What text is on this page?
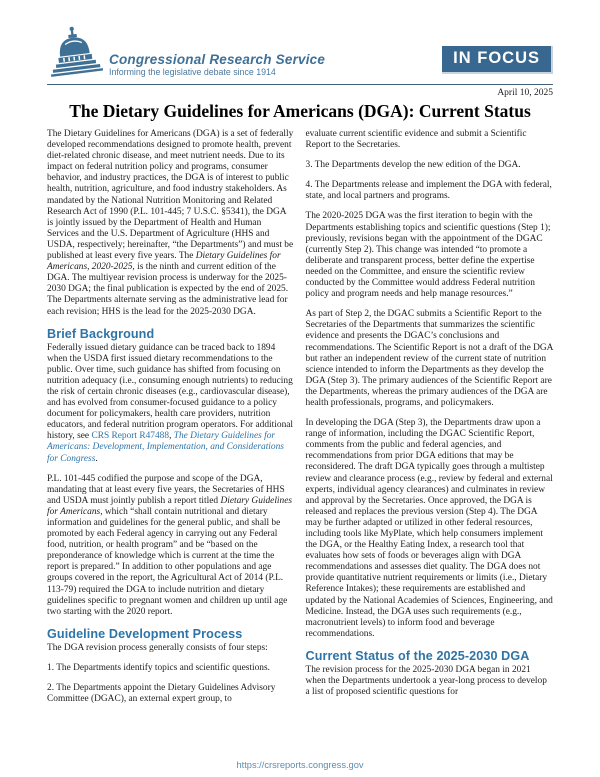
Congressional Research Service
Informing the legislative debate since 1914
IN FOCUS
April 10, 2025
The Dietary Guidelines for Americans (DGA): Current Status

The Dietary Guidelines for Americans (DGA) is a set of federally developed recommendations designed to promote health, prevent diet-related chronic disease, and meet nutrient needs. Due to its impact on federal nutrition policy and programs, consumer behavior, and industry practices, the DGA is of interest to public health, nutrition, agriculture, and food industry stakeholders. As mandated by the National Nutrition Monitoring and Related Research Act of 1990 (P.L. 101-445; 7 U.S.C. §5341), the DGA is jointly issued by the Department of Health and Human Services and the U.S. Department of Agriculture (HHS and USDA, respectively; hereinafter, “the Departments”) and must be published at least every five years. The Dietary Guidelines for Americans, 2020-2025, is the ninth and current edition of the DGA. The multiyear revision process is underway for the 2025-2030 DGA; the final publication is expected by the end of 2025. The Departments alternate serving as the administrative lead for each revision; HHS is the lead for the 2025-2030 DGA.

Brief Background

Federally issued dietary guidance can be traced back to 1894 when the USDA first issued dietary recommendations to the public. Over time, such guidance has shifted from focusing on nutrition adequacy (i.e., consuming enough nutrients) to reducing the risk of certain chronic diseases (e.g., cardiovascular disease), and has evolved from consumer-focused guidance to a policy document for policymakers, health care providers, nutrition educators, and federal nutrition program operators. For additional history, see CRS Report R47488, The Dietary Guidelines for Americans: Development, Implementation, and Considerations for Congress.

P.L. 101-445 codified the purpose and scope of the DGA, mandating that at least every five years, the Secretaries of HHS and USDA must jointly publish a report titled Dietary Guidelines for Americans, which “shall contain nutritional and dietary information and guidelines for the general public, and shall be promoted by each Federal agency in carrying out any Federal food, nutrition, or health program” and be “based on the preponderance of knowledge which is current at the time the report is prepared.” In addition to other populations and age groups covered in the report, the Agricultural Act of 2014 (P.L. 113-79) required the DGA to include nutrition and dietary guidelines specific to pregnant women and children up until age two starting with the 2020 report.

Guideline Development Process

The DGA revision process generally consists of four steps:

1. The Departments identify topics and scientific questions.

2. The Departments appoint the Dietary Guidelines Advisory Committee (DGAC), an external expert group, to

evaluate current scientific evidence and submit a Scientific Report to the Secretaries.

3. The Departments develop the new edition of the DGA.

4. The Departments release and implement the DGA with federal, state, and local partners and programs.

The 2020-2025 DGA was the first iteration to begin with the Departments establishing topics and scientific questions (Step 1); previously, revisions began with the appointment of the DGAC (currently Step 2). This change was intended “to promote a deliberate and transparent process, better define the expertise needed on the Committee, and ensure the scientific review conducted by the Committee would address Federal nutrition policy and program needs and help manage resources.”

As part of Step 2, the DGAC submits a Scientific Report to the Secretaries of the Departments that summarizes the scientific evidence and presents the DGAC’s conclusions and recommendations. The Scientific Report is not a draft of the DGA but rather an independent review of the current state of nutrition science intended to inform the Departments as they develop the DGA (Step 3). The primary audiences of the Scientific Report are the Departments, whereas the primary audiences of the DGA are health professionals, programs, and policymakers.

In developing the DGA (Step 3), the Departments draw upon a range of information, including the DGAC Scientific Report, comments from the public and federal agencies, and recommendations from prior DGA editions that may be reconsidered. The draft DGA typically goes through a multistep review and clearance process (e.g., review by federal and external experts, individual agency clearances) and culminates in review and approval by the Secretaries. Once approved, the DGA is released and replaces the previous version (Step 4). The DGA may be further adapted or utilized in other federal resources, including tools like MyPlate, which help consumers implement the DGA, or the Healthy Eating Index, a research tool that evaluates how sets of foods or beverages align with DGA recommendations and assesses diet quality. The DGA does not provide quantitative nutrient requirements or limits (i.e., Dietary Reference Intakes); these requirements are established and updated by the National Academies of Sciences, Engineering, and Medicine. Instead, the DGA uses such requirements (e.g., macronutrient levels) to inform food and beverage recommendations.

Current Status of the 2025-2030 DGA

The revision process for the 2025-2030 DGA began in 2021 when the Departments undertook a year-long process to develop a list of proposed scientific questions for

https://crsreports.congress.gov
